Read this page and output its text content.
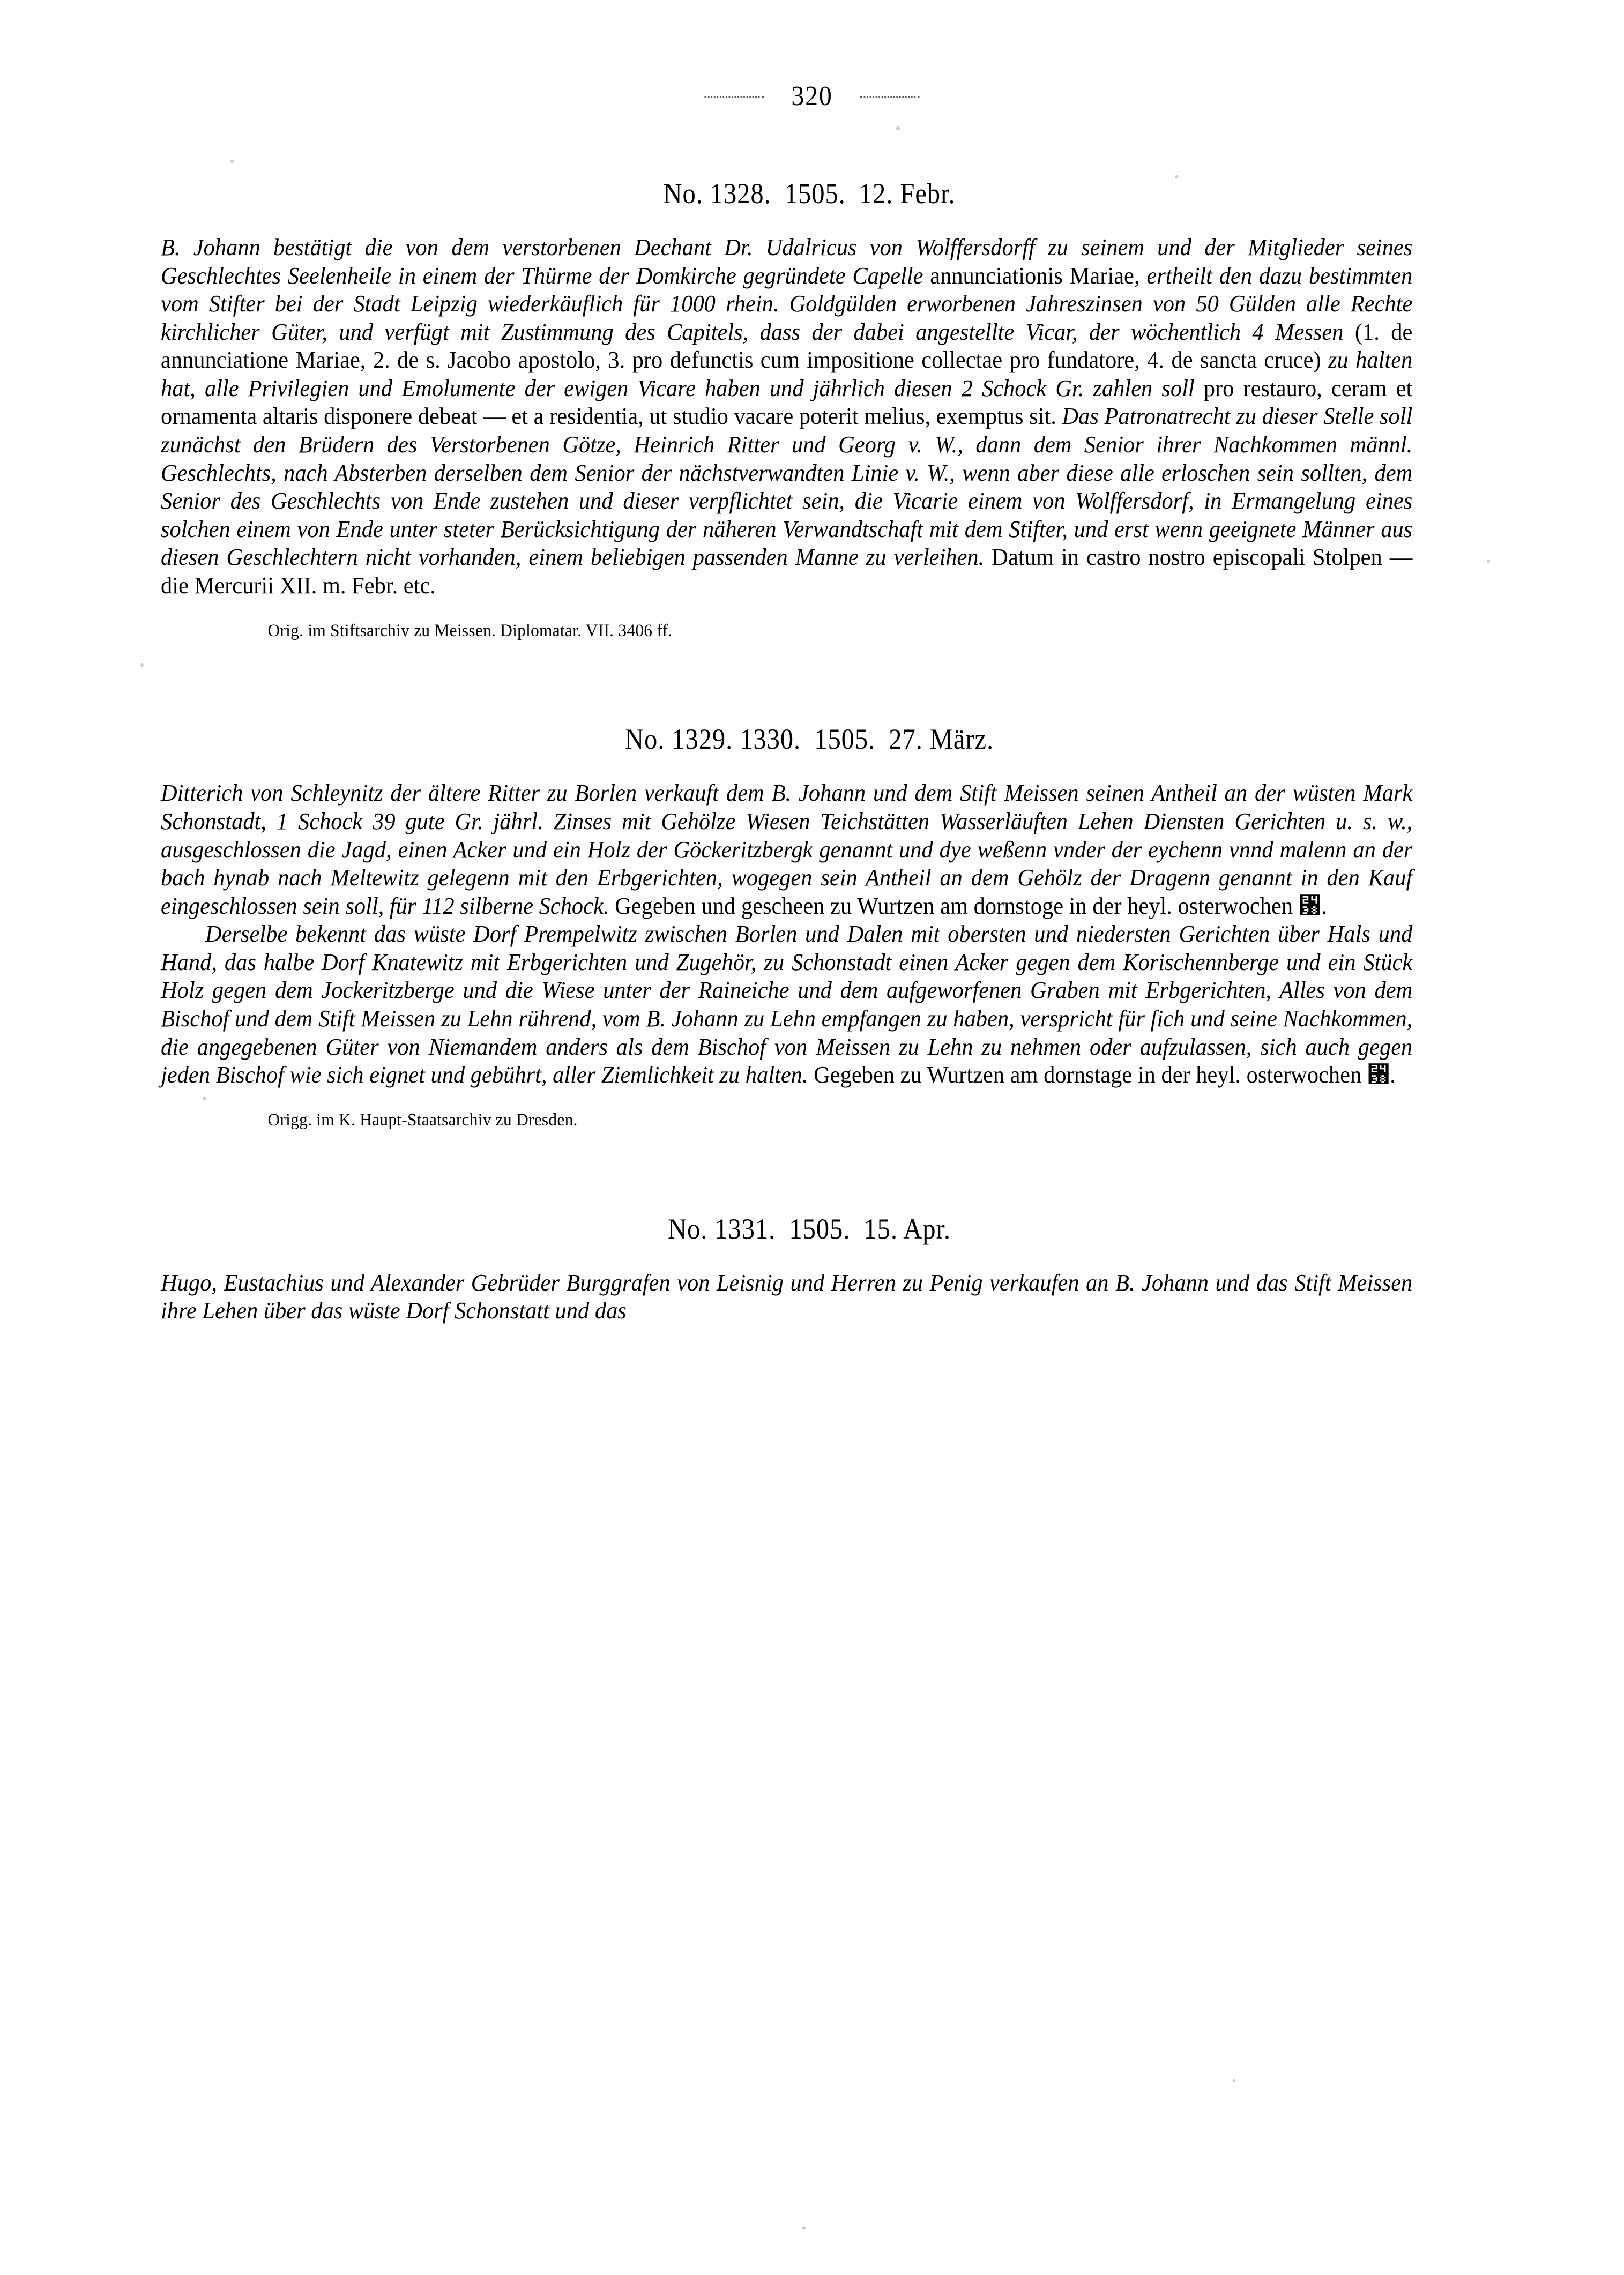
320
No. 1328. 1505. 12. Febr.

B. Johann bestätigt die von dem verstorbenen Dechant Dr. Udalricus von Wolffersdorff zu seinem und der Mitglieder seines Geschlechtes Seelenheile in einem der Thürme der Domkirche gegründete Capelle annunciationis Mariae, ertheilt den dazu bestimmten vom Stifter bei der Stadt Leipzig wiederkäuflich für 1000 rhein. Goldgülden erworbenen Jahreszinsen von 50 Gülden alle Rechte kirchlicher Güter, und verfügt mit Zustimmung des Capitels, dass der dabei angestellte Vicar, der wöchentlich 4 Messen (1. de annunciatione Mariae, 2. de s. Jacobo apostolo, 3. pro defunctis cum impositione collectae pro fundatore, 4. de sancta cruce) zu halten hat, alle Privilegien und Emolumente der ewigen Vicare haben und jährlich diesen 2 Schock Gr. zahlen soll pro restauro, ceram et ornamenta altaris disponere debeat — et a residentia, ut studio vacare poterit melius, exemptus sit. Das Patronatrecht zu dieser Stelle soll zunächst den Brüdern des Verstorbenen Götze, Heinrich Ritter und Georg v. W., dann dem Senior ihrer Nachkommen männl. Geschlechts, nach Absterben derselben dem Senior der nächstverwandten Linie v. W., wenn aber diese alle erloschen sein sollten, dem Senior des Geschlechts von Ende zustehen und dieser verpflichtet sein, die Vicarie einem von Wolffersdorf, in Ermangelung eines solchen einem von Ende unter steter Berücksichtigung der näheren Verwandtschaft mit dem Stifter, und erst wenn geeignete Männer aus diesen Geschlechtern nicht vorhanden, einem beliebigen passenden Manne zu verleihen. Datum in castro nostro episcopali Stolpen — die Mercurii XII. m. Febr. etc.

Orig. im Stiftsarchiv zu Meissen. Diplomatar. VII. 3406 ff.

No. 1329. 1330. 1505. 27. März.

Ditterich von Schleynitz der ältere Ritter zu Borlen verkauft dem B. Johann und dem Stift Meissen seinen Antheil an der wüsten Mark Schonstadt, 1 Schock 39 gute Gr. jährl. Zinses mit Gehölze Wiesen Teichstätten Wasserläuften Lehen Diensten Gerichten u. s. w., ausgeschlossen die Jagd, einen Acker und ein Holz der Göckeritzbergk genannt und dye weßenn vnder der eychenn vnnd malenn an der bach hynab nach Meltewitz gelegenn mit den Erbgerichten, wogegen sein Antheil an dem Gehölz der Dragenn genannt in den Kauf eingeschlossen sein soll, für 112 silberne Schock. Gegeben und gescheen zu Wurtzen am dornstoge in der heyl. osterwochen ␸.

Derselbe bekennt das wüste Dorf Prempelwitz zwischen Borlen und Dalen mit obersten und niedersten Gerichten über Hals und Hand, das halbe Dorf Knatewitz mit Erbgerichten und Zugehör, zu Schonstadt einen Acker gegen dem Korischennberge und ein Stück Holz gegen dem Jockeritzberge und die Wiese unter der Raineiche und dem aufgeworfenen Graben mit Erbgerichten, Alles von dem Bischof und dem Stift Meissen zu Lehn rührend, vom B. Johann zu Lehn empfangen zu haben, verspricht für ſich und seine Nachkommen, die angegebenen Güter von Niemandem anders als dem Bischof von Meissen zu Lehn zu nehmen oder aufzulassen, sich auch gegen jeden Bischof wie sich eignet und gebührt, aller Ziemlichkeit zu halten. Gegeben zu Wurtzen am dornstage in der heyl. osterwochen ␸.

Origg. im K. Haupt-Staatsarchiv zu Dresden.

No. 1331. 1505. 15. Apr.

Hugo, Eustachius und Alexander Gebrüder Burggrafen von Leisnig und Herren zu Penig verkaufen an B. Johann und das Stift Meissen ihre Lehen über das wüste Dorf Schonstatt und das
